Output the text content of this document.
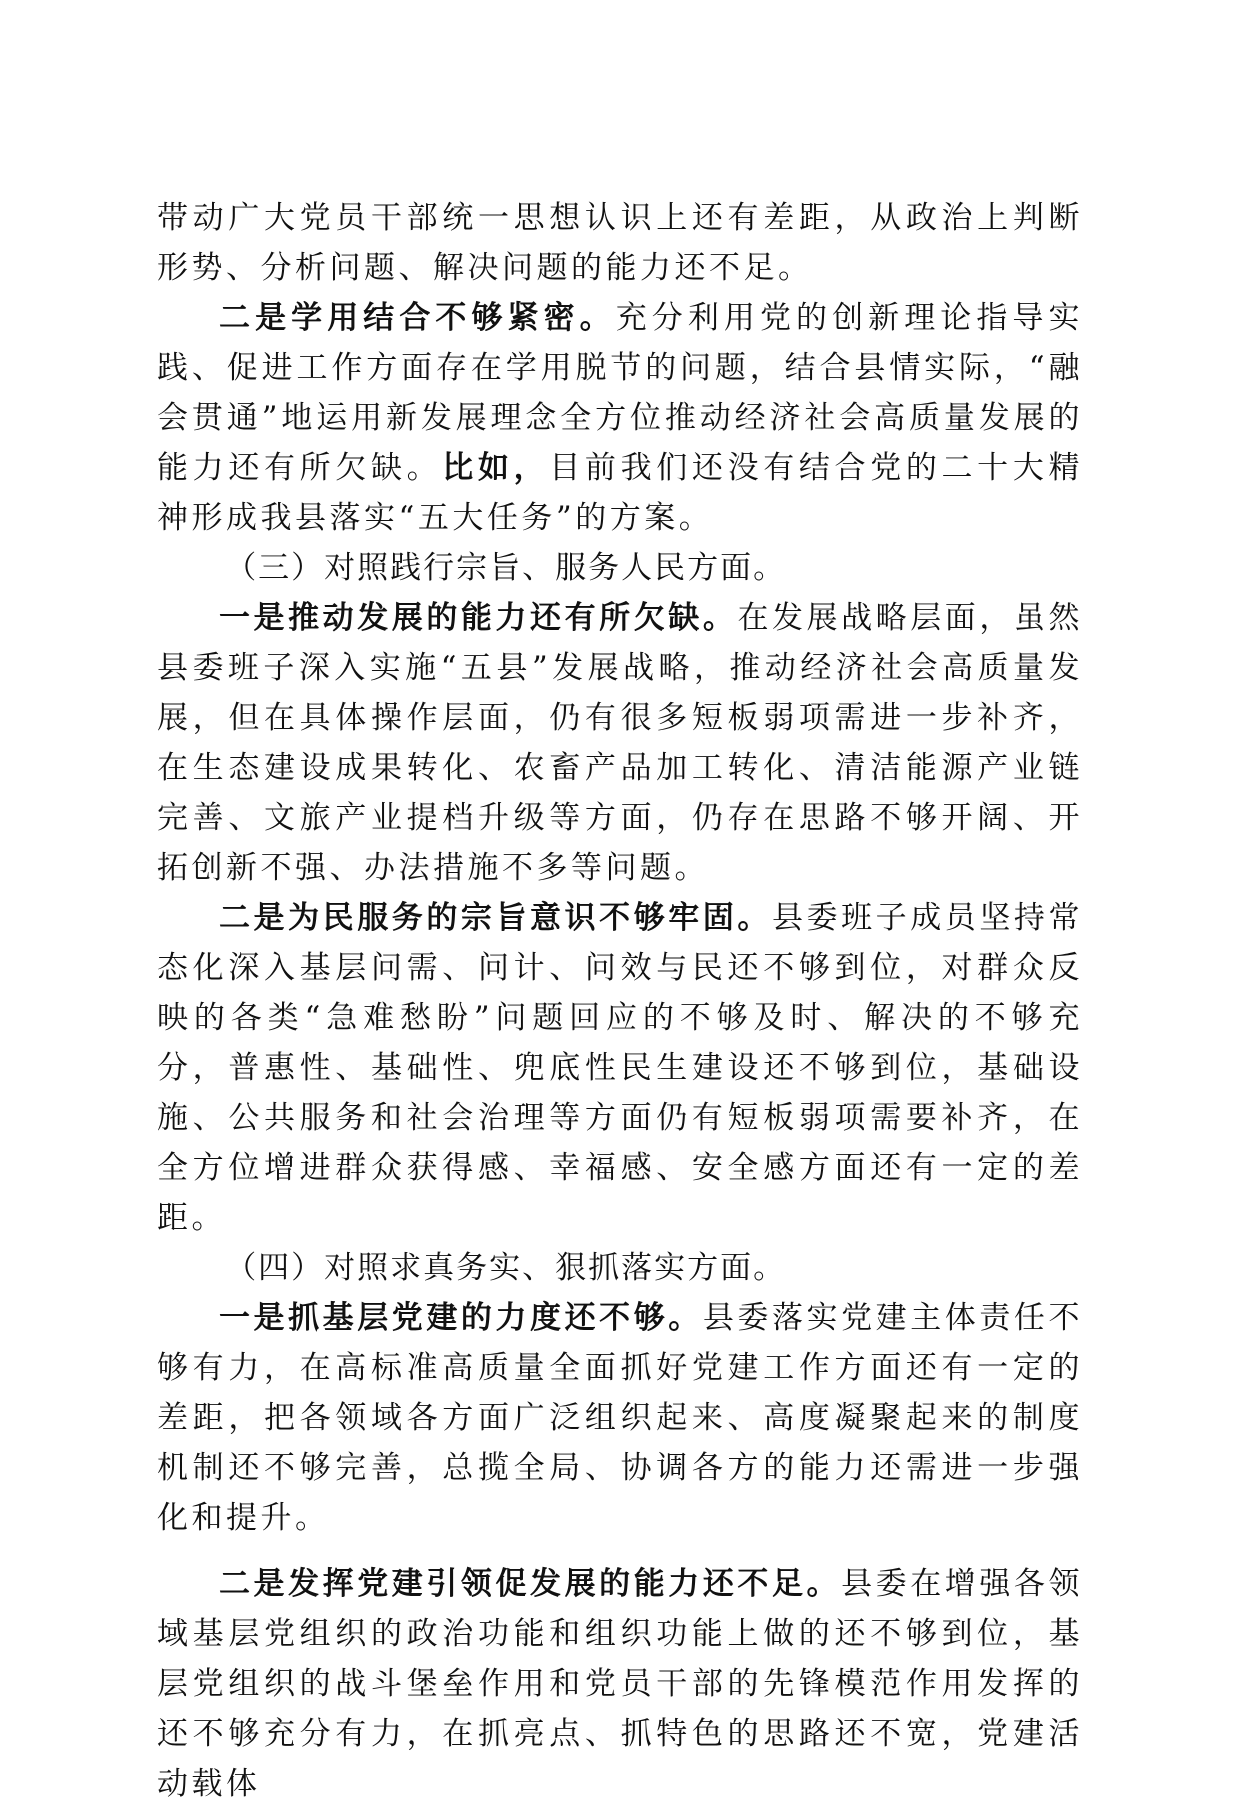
带动广大党员干部统一思想认识上还有差距，从政治上判断形势、分析问题、解决问题的能力还不足。

二是学用结合不够紧密。充分利用党的创新理论指导实践、促进工作方面存在学用脱节的问题，结合县情实际，“融会贯通”地运用新发展理念全方位推动经济社会高质量发展的能力还有所欠缺。比如，目前我们还没有结合党的二十大精神形成我县落实“五大任务”的方案。

（三）对照践行宗旨、服务人民方面。

一是推动发展的能力还有所欠缺。在发展战略层面，虽然县委班子深入实施“五县”发展战略，推动经济社会高质量发展，但在具体操作层面，仍有很多短板弱项需进一步补齐，在生态建设成果转化、农畜产品加工转化、清洁能源产业链完善、文旅产业提档升级等方面，仍存在思路不够开阔、开拓创新不强、办法措施不多等问题。

二是为民服务的宗旨意识不够牢固。县委班子成员坚持常态化深入基层问需、问计、问效与民还不够到位，对群众反映的各类“急难愁盼”问题回应的不够及时、解决的不够充分，普惠性、基础性、兜底性民生建设还不够到位，基础设施、公共服务和社会治理等方面仍有短板弱项需要补齐，在全方位增进群众获得感、幸福感、安全感方面还有一定的差距。

（四）对照求真务实、狠抓落实方面。

一是抓基层党建的力度还不够。县委落实党建主体责任不够有力，在高标准高质量全面抓好党建工作方面还有一定的差距，把各领域各方面广泛组织起来、高度凝聚起来的制度机制还不够完善，总揽全局、协调各方的能力还需进一步强化和提升。

二是发挥党建引领促发展的能力还不足。县委在增强各领域基层党组织的政治功能和组织功能上做的还不够到位，基层党组织的战斗堡垒作用和党员干部的先锋模范作用发挥的还不够充分有力，在抓亮点、抓特色的思路还不宽，党建活动载体
